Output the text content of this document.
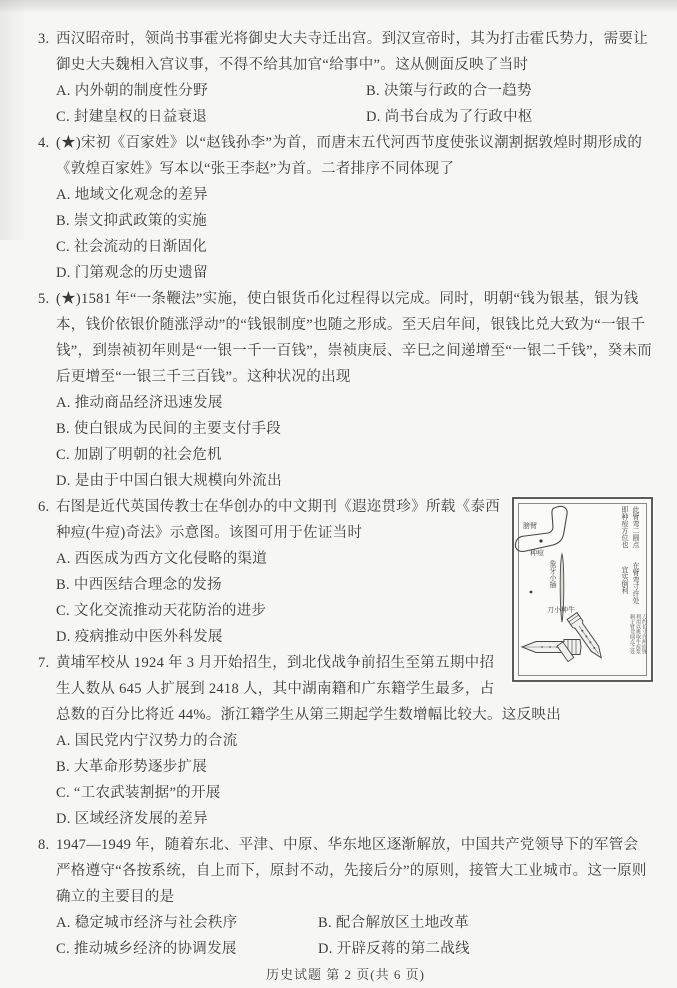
3. 西汉昭帝时，领尚书事霍光将御史大夫寺迁出宫。到汉宣帝时，其为打击霍氏势力，需要让御史大夫魏相入宫议事，不得不给其加官“给事中”。这从侧面反映了当时
A. 内外朝的制度性分野	B. 决策与行政的合一趋势
C. 封建皇权的日益衰退	D. 尚书台成为了行政中枢
4. (★)宋初《百家姓》以“赵钱孙李”为首，而唐末五代河西节度使张议潮割据敦煌时期形成的《敦煌百家姓》写本以“张王李赵”为首。二者排序不同体现了
A. 地域文化观念的差异
B. 崇文抑武政策的实施
C. 社会流动的日渐固化
D. 门第观念的历史遗留
5. (★)1581 年“一条鞭法”实施，使白银货币化过程得以完成。同时，明朝“钱为银基，银为钱本，钱价依银价随涨浮动”的“钱银制度”也随之形成。至天启年间，银钱比兑大致为“一银千钱”，到崇祯初年则是“一银一千一百钱”，崇祯庚辰、辛巳之间递增至“一银二千钱”，癸未而后更增至“一银三千三百钱”。这种状况的出现
A. 推动商品经济迅速发展
B. 使白银成为民间的主要支付手段
C. 加剧了明朝的社会危机
D. 是由于中国白银大规模向外流出
此臂弯二圆点
即种痘方位也
在臂弯寸许处
宜实倒利
象牙小插
膀臂
种痘
刀小种牛
刀约长寸许两面锋
利用以挑取牛痘浆
刺于臂弯圆点之处
6. 右图是近代英国传教士在华创办的中文期刊《遐迩贯珍》所载《泰西种痘(牛痘)奇法》示意图。该图可用于佐证当时
A. 西医成为西方文化侵略的渠道
B. 中西医结合理念的发扬
C. 文化交流推动天花防治的进步
D. 疫病推动中医外科发展
7. 黄埔军校从 1924 年 3 月开始招生，到北伐战争前招生至第五期中招生人数从 645 人扩展到 2418 人，其中湖南籍和广东籍学生最多，占总数的百分比将近 44%。浙江籍学生从第三期起学生数增幅比较大。这反映出
A. 国民党内宁汉势力的合流
B. 大革命形势逐步扩展
C. “工农武装割据”的开展
D. 区域经济发展的差异
8. 1947—1949 年，随着东北、平津、中原、华东地区逐渐解放，中国共产党领导下的军管会严格遵守“各按系统，自上而下，原封不动，先接后分”的原则，接管大工业城市。这一原则确立的主要目的是
A. 稳定城市经济与社会秩序	B. 配合解放区土地改革
C. 推动城乡经济的协调发展	D. 开辟反蒋的第二战线
历史试题 第 2 页(共 6 页)
